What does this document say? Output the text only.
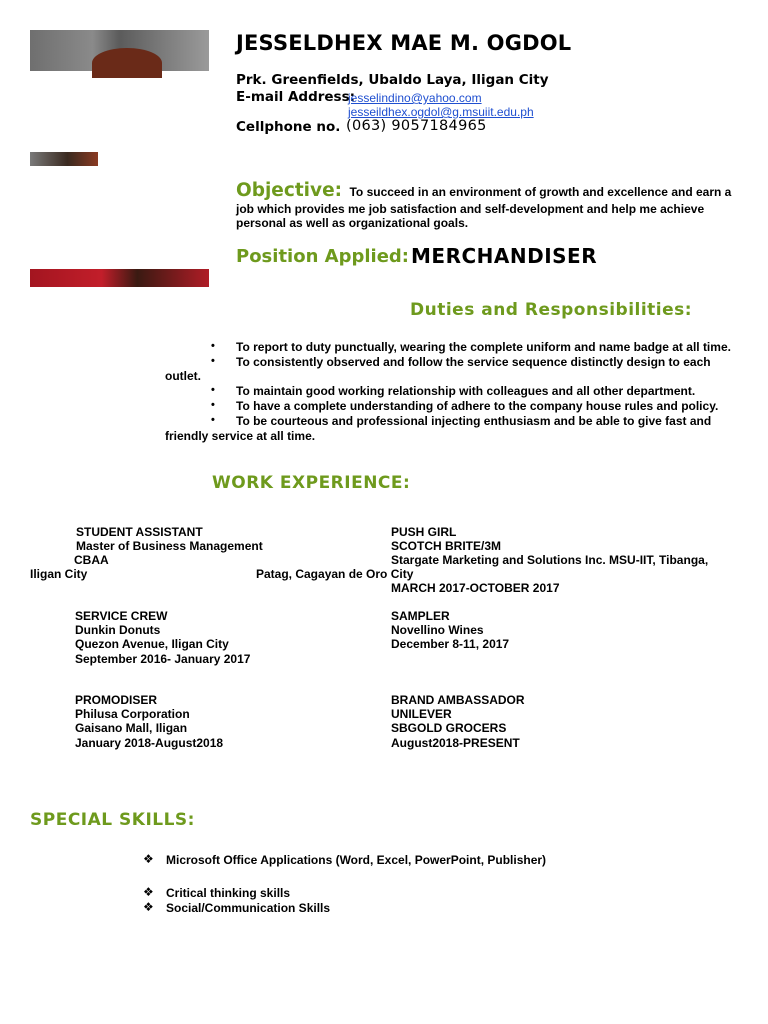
JESSELDHEX MAE M. OGDOL
Prk. Greenfields, Ubaldo Laya, Iligan City
E-mail Address:
jesselindino@yahoo.com
jesseildhex.ogdol@g.msuiit.edu.ph
Cellphone no. (063) 9057184965
Objective: To succeed in an environment of growth and excellence and earn a
job which provides me job satisfaction and self-development and help me achieve
personal as well as organizational goals.
Position Applied: MERCHANDISER
Duties and Responsibilities:
• To report to duty punctually, wearing the complete uniform and name badge at all time.
• To consistently observed and follow the service sequence distinctly design to each
outlet.
• To maintain good working relationship with colleagues and all other department.
• To have a complete understanding of adhere to the company house rules and policy.
• To be courteous and professional injecting enthusiasm and be able to give fast and
friendly service at all time.
WORK EXPERIENCE:
STUDENT ASSISTANT
Master of Business Management
CBAA
Iligan City	Patag, Cagayan de Oro City
PUSH GIRL
SCOTCH BRITE/3M
Stargate Marketing and Solutions Inc. MSU-IIT, Tibanga,
MARCH 2017-OCTOBER 2017
SERVICE CREW
Dunkin Donuts
Quezon Avenue, Iligan City
September 2016- January 2017
SAMPLER
Novellino Wines
December 8-11, 2017
PROMODISER
Philusa Corporation
Gaisano Mall, Iligan
January 2018-August2018
BRAND AMBASSADOR
UNILEVER
SBGOLD GROCERS
August2018-PRESENT
SPECIAL SKILLS:
❖ Microsoft Office Applications (Word, Excel, PowerPoint, Publisher)
❖ Critical thinking skills
❖ Social/Communication Skills
